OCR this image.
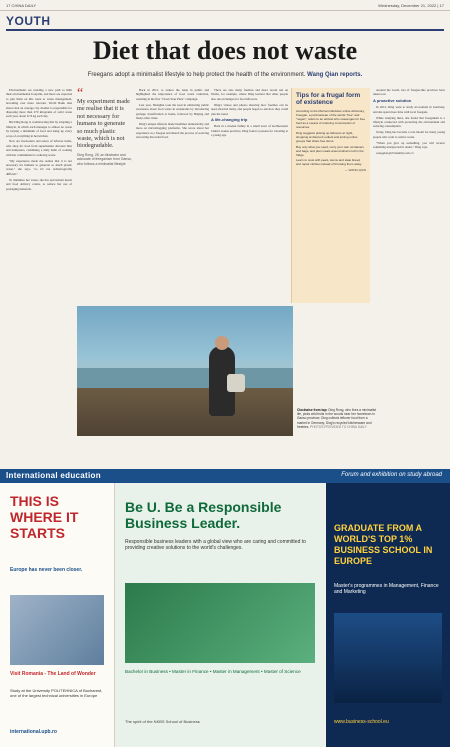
17 CHINA DAILY	Wednesday, December 21, 2022 | 17
YOUTH
Diet that does not waste
Freegans adopt a minimalist lifestyle to help protect the health of the environment. Wang Qian reports.

Environments are trending a new path to limit their environmental footprint, and more are expected to join them on this route to waste management, becoming ever more relevant. World Bank data shows that an average city dweller is responsible for disposing more than 270 kilograms of solid waste each year, about 0.74 kg each day.

But Ding Rong is counteracting this by adopting a lifestyle, in which each manages to almost no waste by buying a minimum of food and using up every scrap of everything in her kitchen.

Now are freeloaders and eaters of leftover items, who shop for food from supermarket discount bins and dumpsters, combining a daily habit of cooking with her commitment to reducing waste.

"My experience made me realize that it is not necessary for humans to generate so much plastic waste," she says, "so it's not technologically difficult."

To minimize her waste, she has quit instant meals and food delivery orders, to reduce her use of packaging materials.

“
My experiment made me realise that it is not necessary for humans to generate so much plastic waste, which is not biodegradable.
Ding Rong, 28, an illustrator and advocate of freeganism from Gansu, who follows a minimalist lifestyle

Back in 2015, to reduce the issue in public and highlighted the importance of food waste reduction, resulting in the first "Clean Your Plate" campaign.

Last year, Shanghai took the lead in enhancing public awareness about food waste in restaurants by introducing garbage classification at home, followed by Beijing and many other cities.

Ding's unique lifestyle made headlines domestically and more on microblogging platforms. She wrote about her experience as a freegan and shared the process of sourcing and eating discarded food.

There are also many freebies and more recent ads on Weibo, for example, where Ding learned that other people also run exchanges for food leftovers.

Ding's videos and photos showing how freebies can be used attracted many, and people began to ask how they could join the trend.

A life-changing trip

Born in a modest family in a small town of northwestern China's Gansu province, Ding found a passion for traveling at a young age.

Tips for a frugal form of existence

According to the Merriam-Webster online dictionary, Freegan, a portmanteau of the words "free" and "vegan", refers to an activist who scavenges for free food as a means of reducing consumption of resources.

Ding suggests picking up leftovers at night, shopping at discount outlets and joining online groups that share free items.

Buy only what you need, carry your own containers and bags, and plan meals around what is left in the fridge.

Learn to cook with peels, stems and stale bread, and repair clothes instead of throwing them away.

— WANG QIAN

Around the world, lots of freegan-like practices have taken root.

A proactive solution

In 2012, Ding went to study art-tourism in Germany, and she spent more time with local freegans.

While studying there, she found that freeganism is a lifestyle connected with protecting the environment and reducing consumption.

Today, Ding has become a role model for many young people who want to reduce waste.

"When you give up something, you will receive something unexpected in return," Ding says.

wangqian@chinadaily.com.cn

Clockwise from top: Ding Rong, who lives a minimalist life, picks wild fruits in the woods near her hometown in Gansu province; Ding collects leftover food from a market in Germany; Ding's recycled kitchenware and freebies. PHOTOS PROVIDED TO CHINA DAILY
International education	Forum and exhibition on study abroad
THIS IS WHERE IT STARTS
Europe has never been closer.
Visit Romania - The Land of Wonder
Study at the University POLITEHNICA of Bucharest, one of the largest technical universities in Europe
international.upb.ro
Be U. Be a Responsible Business Leader.
Responsible business leaders with a global view who are caring and committed to providing creative solutions to the world's challenges.
Bachelor in Business • Master in Finance • Master in Management • Master of Science
The spirit of the NKBS School of Business
GRADUATE FROM A WORLD'S TOP 1% BUSINESS SCHOOL IN EUROPE
Master's programmes in Management, Finance and Marketing
www.business-school.eu
